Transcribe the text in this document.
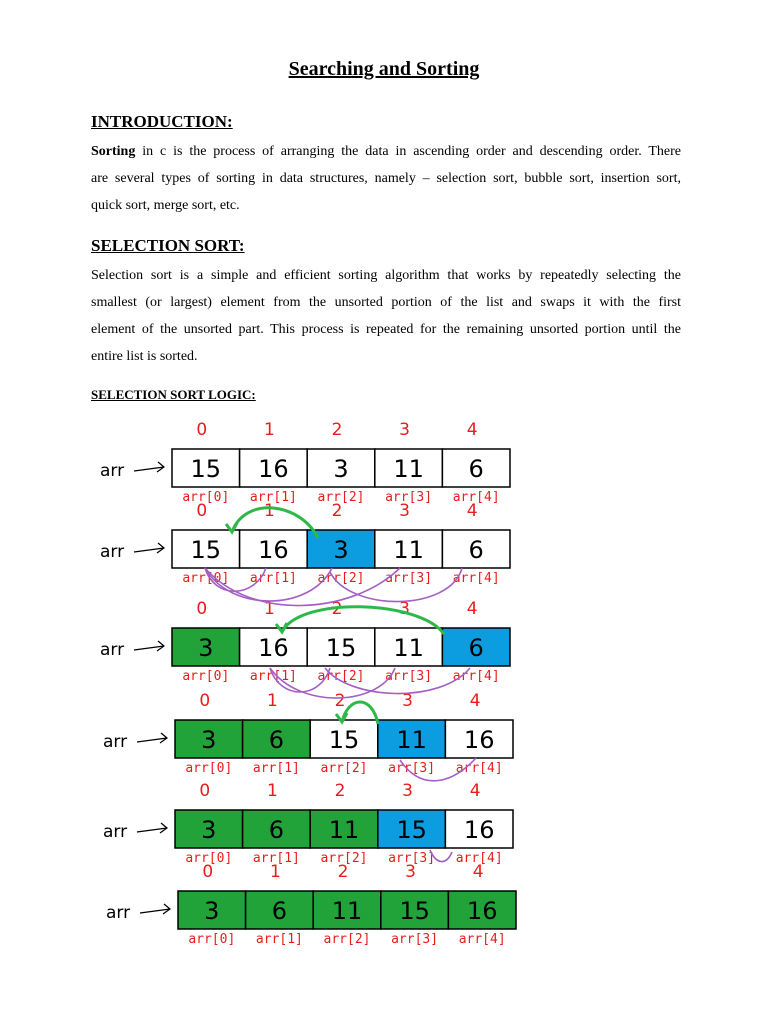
Searching and Sorting
INTRODUCTION:
Sorting in c is the process of arranging the data in ascending order and descending order. There
are several types of sorting in data structures, namely – selection sort, bubble sort, insertion sort,
quick sort, merge sort, etc.
SELECTION SORT:
Selection sort is a simple and efficient sorting algorithm that works by repeatedly selecting the
smallest (or largest) element from the unsorted portion of the list and swaps it with the first
element of the unsorted part. This process is repeated for the remaining unsorted portion until the
entire list is sorted.
SELECTION SORT LOGIC:
0	1	2	3	4
arr	15 16 3 11 6
arr[0] arr[1] arr[2] arr[3] arr[4]
0	1	2	3	4
arr	15 16 3 11 6
arr[0] arr[1] arr[2] arr[3] arr[4]
0	1	2	3	4
arr	3 16 15 11 6
arr[0] arr[1] arr[2] arr[3] arr[4]
0	1	2	3	4
arr	3 6 15 11 16
arr[0] arr[1] arr[2] arr[3] arr[4]
0	1	2	3	4
arr	3 6 11 15 16
arr[0] arr[1] arr[2] arr[3] arr[4]
0	1	2	3	4
arr	3 6 11 15 16
arr[0] arr[1] arr[2] arr[3] arr[4]
